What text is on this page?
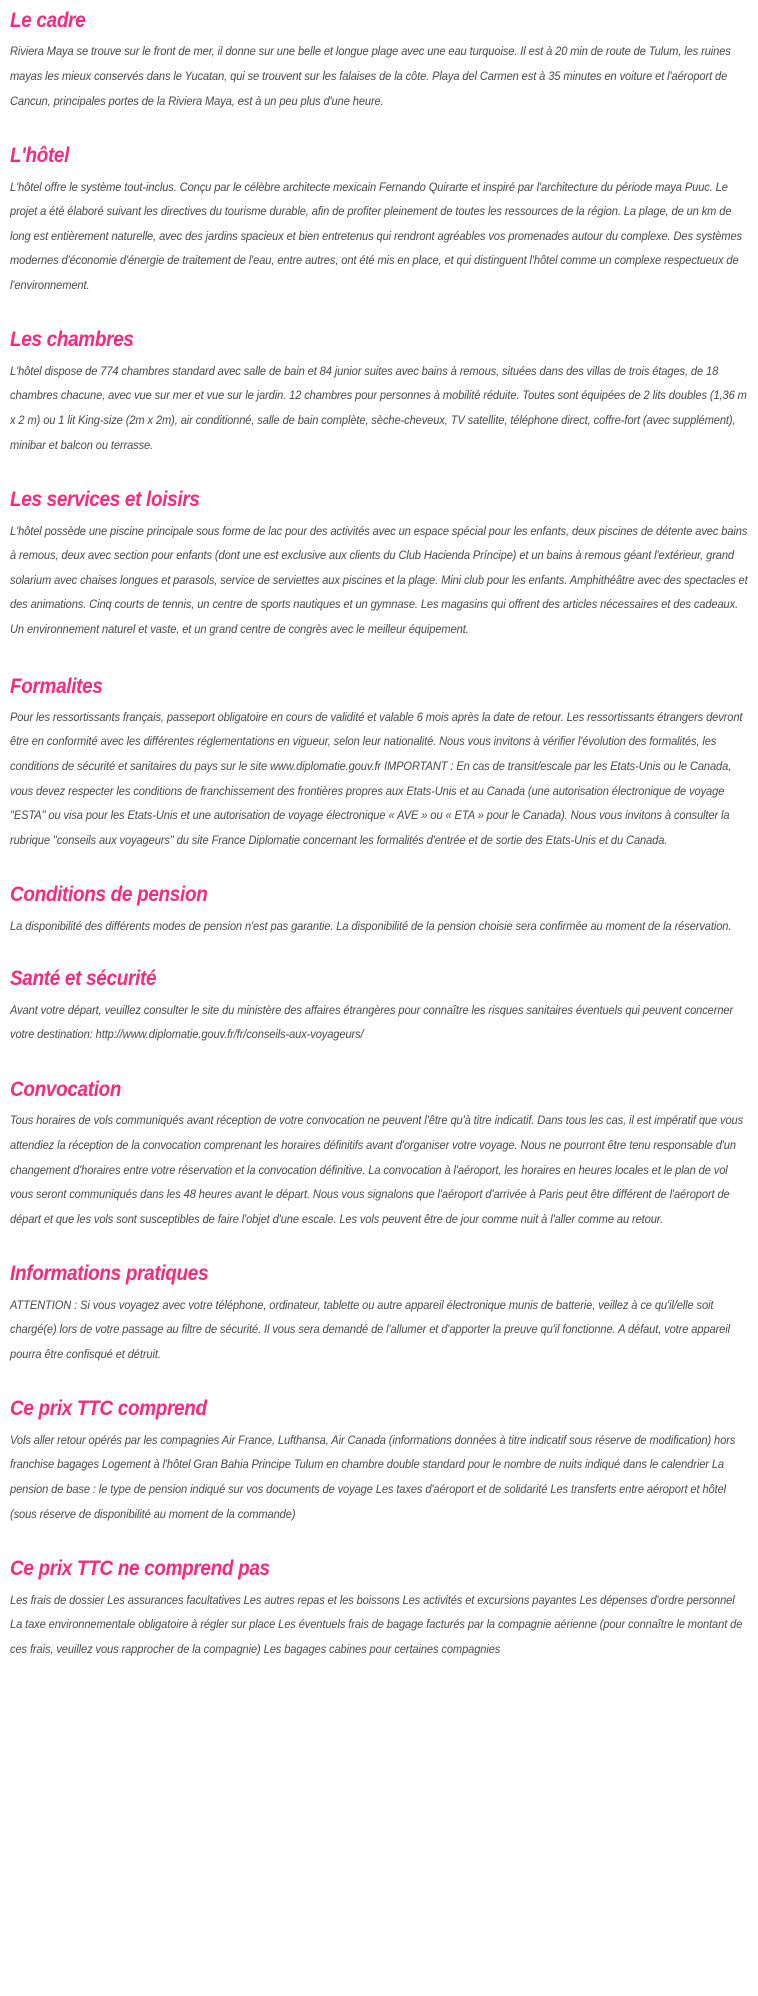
Le cadre

Riviera Maya se trouve sur le front de mer, il donne sur une belle et longue plage avec une eau turquoise. Il est à 20 min de route de Tulum, les ruines mayas les mieux conservés dans le Yucatan, qui se trouvent sur les falaises de la côte. Playa del Carmen est à 35 minutes en voiture et l'aéroport de Cancun, principales portes de la Riviera Maya, est à un peu plus d'une heure.

L'hôtel

L'hôtel offre le système tout-inclus. Conçu par le célèbre architecte mexicain Fernando Quirarte et inspiré par l'architecture du période maya Puuc. Le projet a été élaboré suivant les directives du tourisme durable, afin de profiter pleinement de toutes les ressources de la région. La plage, de un km de long est entièrement naturelle, avec des jardins spacieux et bien entretenus qui rendront agréables vos promenades autour du complexe. Des systèmes modernes d'économie d'énergie de traitement de l'eau, entre autres, ont été mis en place, et qui distinguent l'hôtel comme un complexe respectueux de l'environnement.

Les chambres

L'hôtel dispose de 774 chambres standard avec salle de bain et 84 junior suites avec bains à remous, situées dans des villas de trois étages, de 18 chambres chacune, avec vue sur mer et vue sur le jardin. 12 chambres pour personnes à mobilité réduite. Toutes sont équipées de 2 lits doubles (1,36 m x 2 m) ou 1 lit King-size (2m x 2m), air conditionné, salle de bain complète, sèche-cheveux, TV satellite, téléphone direct, coffre-fort (avec supplément), minibar et balcon ou terrasse.

Les services et loisirs

L'hôtel possède une piscine principale sous forme de lac pour des activités avec un espace spécial pour les enfants, deux piscines de détente avec bains à remous, deux avec section pour enfants (dont une est exclusive aux clients du Club Hacienda Príncipe) et un bains à remous géant l'extérieur, grand solarium avec chaises longues et parasols, service de serviettes aux piscines et la plage. Mini club pour les enfants. Amphithéâtre avec des spectacles et des animations. Cinq courts de tennis, un centre de sports nautiques et un gymnase. Les magasins qui offrent des articles nécessaires et des cadeaux. Un environnement naturel et vaste, et un grand centre de congrès avec le meilleur équipement.

Formalites

Pour les ressortissants français, passeport obligatoire en cours de validité et valable 6 mois après la date de retour. Les ressortissants étrangers devront être en conformité avec les différentes réglementations en vigueur, selon leur nationalité. Nous vous invitons à vérifier l'évolution des formalités, les conditions de sécurité et sanitaires du pays sur le site www.diplomatie.gouv.fr IMPORTANT : En cas de transit/escale par les Etats-Unis ou le Canada, vous devez respecter les conditions de franchissement des frontières propres aux Etats-Unis et au Canada (une autorisation électronique de voyage "ESTA" ou visa pour les Etats-Unis et une autorisation de voyage électronique « AVE » ou « ETA » pour le Canada). Nous vous invitons à consulter la rubrique "conseils aux voyageurs" du site France Diplomatie concernant les formalités d'entrée et de sortie des Etats-Unis et du Canada.

Conditions de pension

La disponibilité des différents modes de pension n'est pas garantie. La disponibilité de la pension choisie sera confirmée au moment de la réservation.

Santé et sécurité

Avant votre départ, veuillez consulter le site du ministère des affaires étrangères pour connaître les risques sanitaires éventuels qui peuvent concerner votre destination: http://www.diplomatie.gouv.fr/fr/conseils-aux-voyageurs/

Convocation

Tous horaires de vols communiqués avant réception de votre convocation ne peuvent l'être qu'à titre indicatif. Dans tous les cas, il est impératif que vous attendiez la réception de la convocation comprenant les horaires définitifs avant d'organiser votre voyage. Nous ne pourront être tenu responsable d'un changement d'horaires entre votre réservation et la convocation définitive. La convocation à l'aéroport, les horaires en heures locales et le plan de vol vous seront communiqués dans les 48 heures avant le départ. Nous vous signalons que l'aéroport d'arrivée à Paris peut être différent de l'aéroport de départ et que les vols sont susceptibles de faire l'objet d'une escale. Les vols peuvent être de jour comme nuit à l'aller comme au retour.

Informations pratiques

ATTENTION : Si vous voyagez avec votre téléphone, ordinateur, tablette ou autre appareil électronique munis de batterie, veillez à ce qu'il/elle soit chargé(e) lors de votre passage au filtre de sécurité. Il vous sera demandé de l'allumer et d'apporter la preuve qu'il fonctionne. A défaut, votre appareil pourra être confisqué et détruit.

Ce prix TTC comprend

Vols aller retour opérés par les compagnies Air France, Lufthansa, Air Canada (informations données à titre indicatif sous réserve de modification) hors franchise bagages Logement à l'hôtel Gran Bahia Principe Tulum en chambre double standard pour le nombre de nuits indiqué dans le calendrier La pension de base : le type de pension indiqué sur vos documents de voyage Les taxes d'aéroport et de solidarité Les transferts entre aéroport et hôtel (sous réserve de disponibilité au moment de la commande)

Ce prix TTC ne comprend pas

Les frais de dossier Les assurances facultatives Les autres repas et les boissons Les activités et excursions payantes Les dépenses d'ordre personnel La taxe environnementale obligatoire à régler sur place Les éventuels frais de bagage facturés par la compagnie aérienne (pour connaître le montant de ces frais, veuillez vous rapprocher de la compagnie) Les bagages cabines pour certaines compagnies
